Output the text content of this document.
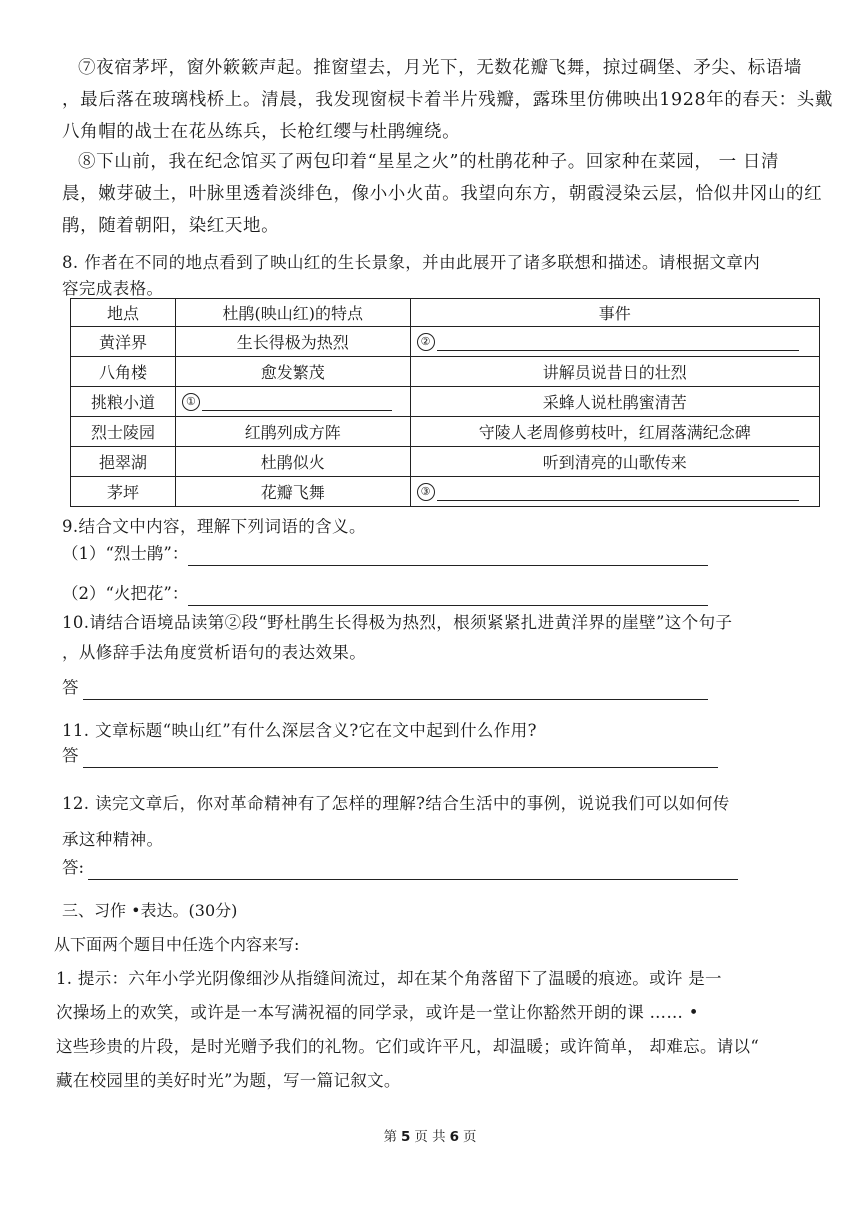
⑦夜宿茅坪，窗外簌簌声起。推窗望去，月光下，无数花瓣飞舞，掠过碉堡、矛尖、标语墙
，最后落在玻璃栈桥上。清晨，我发现窗棂卡着半片残瓣，露珠里仿佛映出1928年的春天：头戴
八角帽的战士在花丛练兵，长枪红缨与杜鹃缠绕。
⑧下山前，我在纪念馆买了两包印着“星星之火”的杜鹃花种子。回家种在菜园， 一 日清
晨，嫩芽破土，叶脉里透着淡绯色，像小小火苗。我望向东方，朝霞浸染云层，恰似井冈山的红
鹃，随着朝阳，染红天地。
8. 作者在不同的地点看到了映山红的生长景象，并由此展开了诸多联想和描述。请根据文章内
容完成表格。
地点	杜鹃(映山红)的特点	事件
黄洋界	生长得极为热烈	②
八角楼	愈发繁茂	讲解员说昔日的壮烈
挑粮小道	①	采蜂人说杜鹃蜜清苦
烈士陵园	红鹃列成方阵	守陵人老周修剪枝叶，红屑落满纪念碑
挹翠湖	杜鹃似火	听到清亮的山歌传来
茅坪	花瓣飞舞	③
9.结合文中内容，理解下列词语的含义。
（1）“烈士鹃”：
（2）“火把花”：
10.请结合语境品读第②段“野杜鹃生长得极为热烈，根须紧紧扎进黄洋界的崖壁”这个句子
，从修辞手法角度赏析语句的表达效果。
答
11. 文章标题“映山红”有什么深层含义?它在文中起到什么作用?
答
12. 读完文章后，你对革命精神有了怎样的理解?结合生活中的事例，说说我们可以如何传
承这种精神。
答:
三、习作 •表达。(30分)
从下面两个题目中任选个内容来写:
1. 提示：六年小学光阴像细沙从指缝间流过，却在某个角落留下了温暖的痕迹。或许 是一
次操场上的欢笑，或许是一本写满祝福的同学录，或许是一堂让你豁然开朗的课 …… •
这些珍贵的片段，是时光赠予我们的礼物。它们或许平凡，却温暖；或许简单， 却难忘。请以“
藏在校园里的美好时光”为题，写一篇记叙文。
第 5 页 共 6 页
